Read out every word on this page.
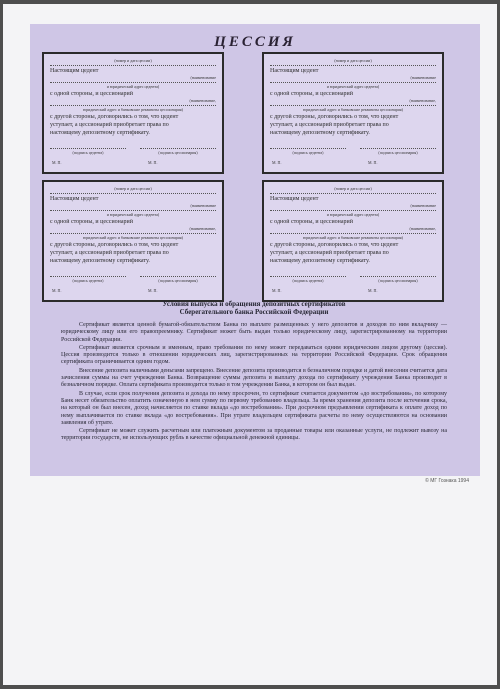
ЦЕССИЯ
(номер и дата цессии)
Настоящим цедент
(наименование
и юридический адрес цедента)
с одной стороны, и цессионарий
(наименование,
юридический адрес и банковские реквизиты цессионария)
с другой стороны, договорились о том, что цедент
уступает, а цессионарий приобретает права по
настоящему депозитному сертификату.
(подпись цедента)	(подпись цессионария)
М. П.	М. П.
(номер и дата цессии)
Настоящим цедент
(наименование
и юридический адрес цедента)
с одной стороны, и цессионарий
(наименование,
юридический адрес и банковские реквизиты цессионария)
с другой стороны, договорились о том, что цедент
уступает, а цессионарий приобретает права по
настоящему депозитному сертификату.
(подпись цедента)	(подпись цессионария)
М. П.	М. П.
(номер и дата цессии)
Настоящим цедент
(наименование
и юридический адрес цедента)
с одной стороны, и цессионарий
(наименование,
юридический адрес и банковские реквизиты цессионария)
с другой стороны, договорились о том, что цедент
уступает, а цессионарий приобретает права по
настоящему депозитному сертификату.
(подпись цедента)	(подпись цессионария)
М. П.	М. П.
(номер и дата цессии)
Настоящим цедент
(наименование
и юридический адрес цедента)
с одной стороны, и цессионарий
(наименование,
юридический адрес и банковские реквизиты цессионария)
с другой стороны, договорились о том, что цедент
уступает, а цессионарий приобретает права по
настоящему депозитному сертификату.
(подпись цедента)	(подпись цессионария)
М. П.	М. П.
Условия выпуска и обращения депозитных сертификатов
Сберегательного банка Российской Федерации

Сертификат является ценной бумагой-обязательством Банка по выплате размещенных у него депозитов и доходов по ним вкладчику — юридическому лицу или его правопреемнику. Сертификат может быть выдан только юридическому лицу, зарегистрированному на территории Российской Федерации.

Сертификат является срочным и именным, право требования по нему может передаваться одним юридическим лицом другому (цессия). Цессия производится только в отношении юридических лиц, зарегистрированных на территории Российской Федерации. Срок обращения сертификата ограничивается одним годом.

Внесение депозита наличными деньгами запрещено. Внесение депозита производится в безналичном порядке и датой внесения считается дата зачисления суммы на счет учреждения Банка. Возвращение суммы депозита и выплату дохода по сертификату учреждения Банка производят в безналичном порядке. Оплата сертификата производится только в том учреждении Банка, в котором он был выдан.

В случае, если срок получения депозита и дохода по нему просрочен, то сертификат считается документом «до востребования», по которому Банк несет обязательство оплатить означенную в нем сумму по первому требованию владельца. За время хранения депозита после истечения срока, на который он был внесен, доход начисляется по ставке вклада «до востребования». При досрочном предъявлении сертификата к оплате доход по нему выплачивается по ставке вклада «до востребования». При утрате владельцем сертификата расчеты по нему осуществляются на основании заявления об утрате.

Сертификат не может служить расчетным или платежным документом за проданные товары или оказанные услуги, не подлежит вывозу на территории государств, не использующих рубль в качестве официальной денежной единицы.

© МГ Гознака 1994
